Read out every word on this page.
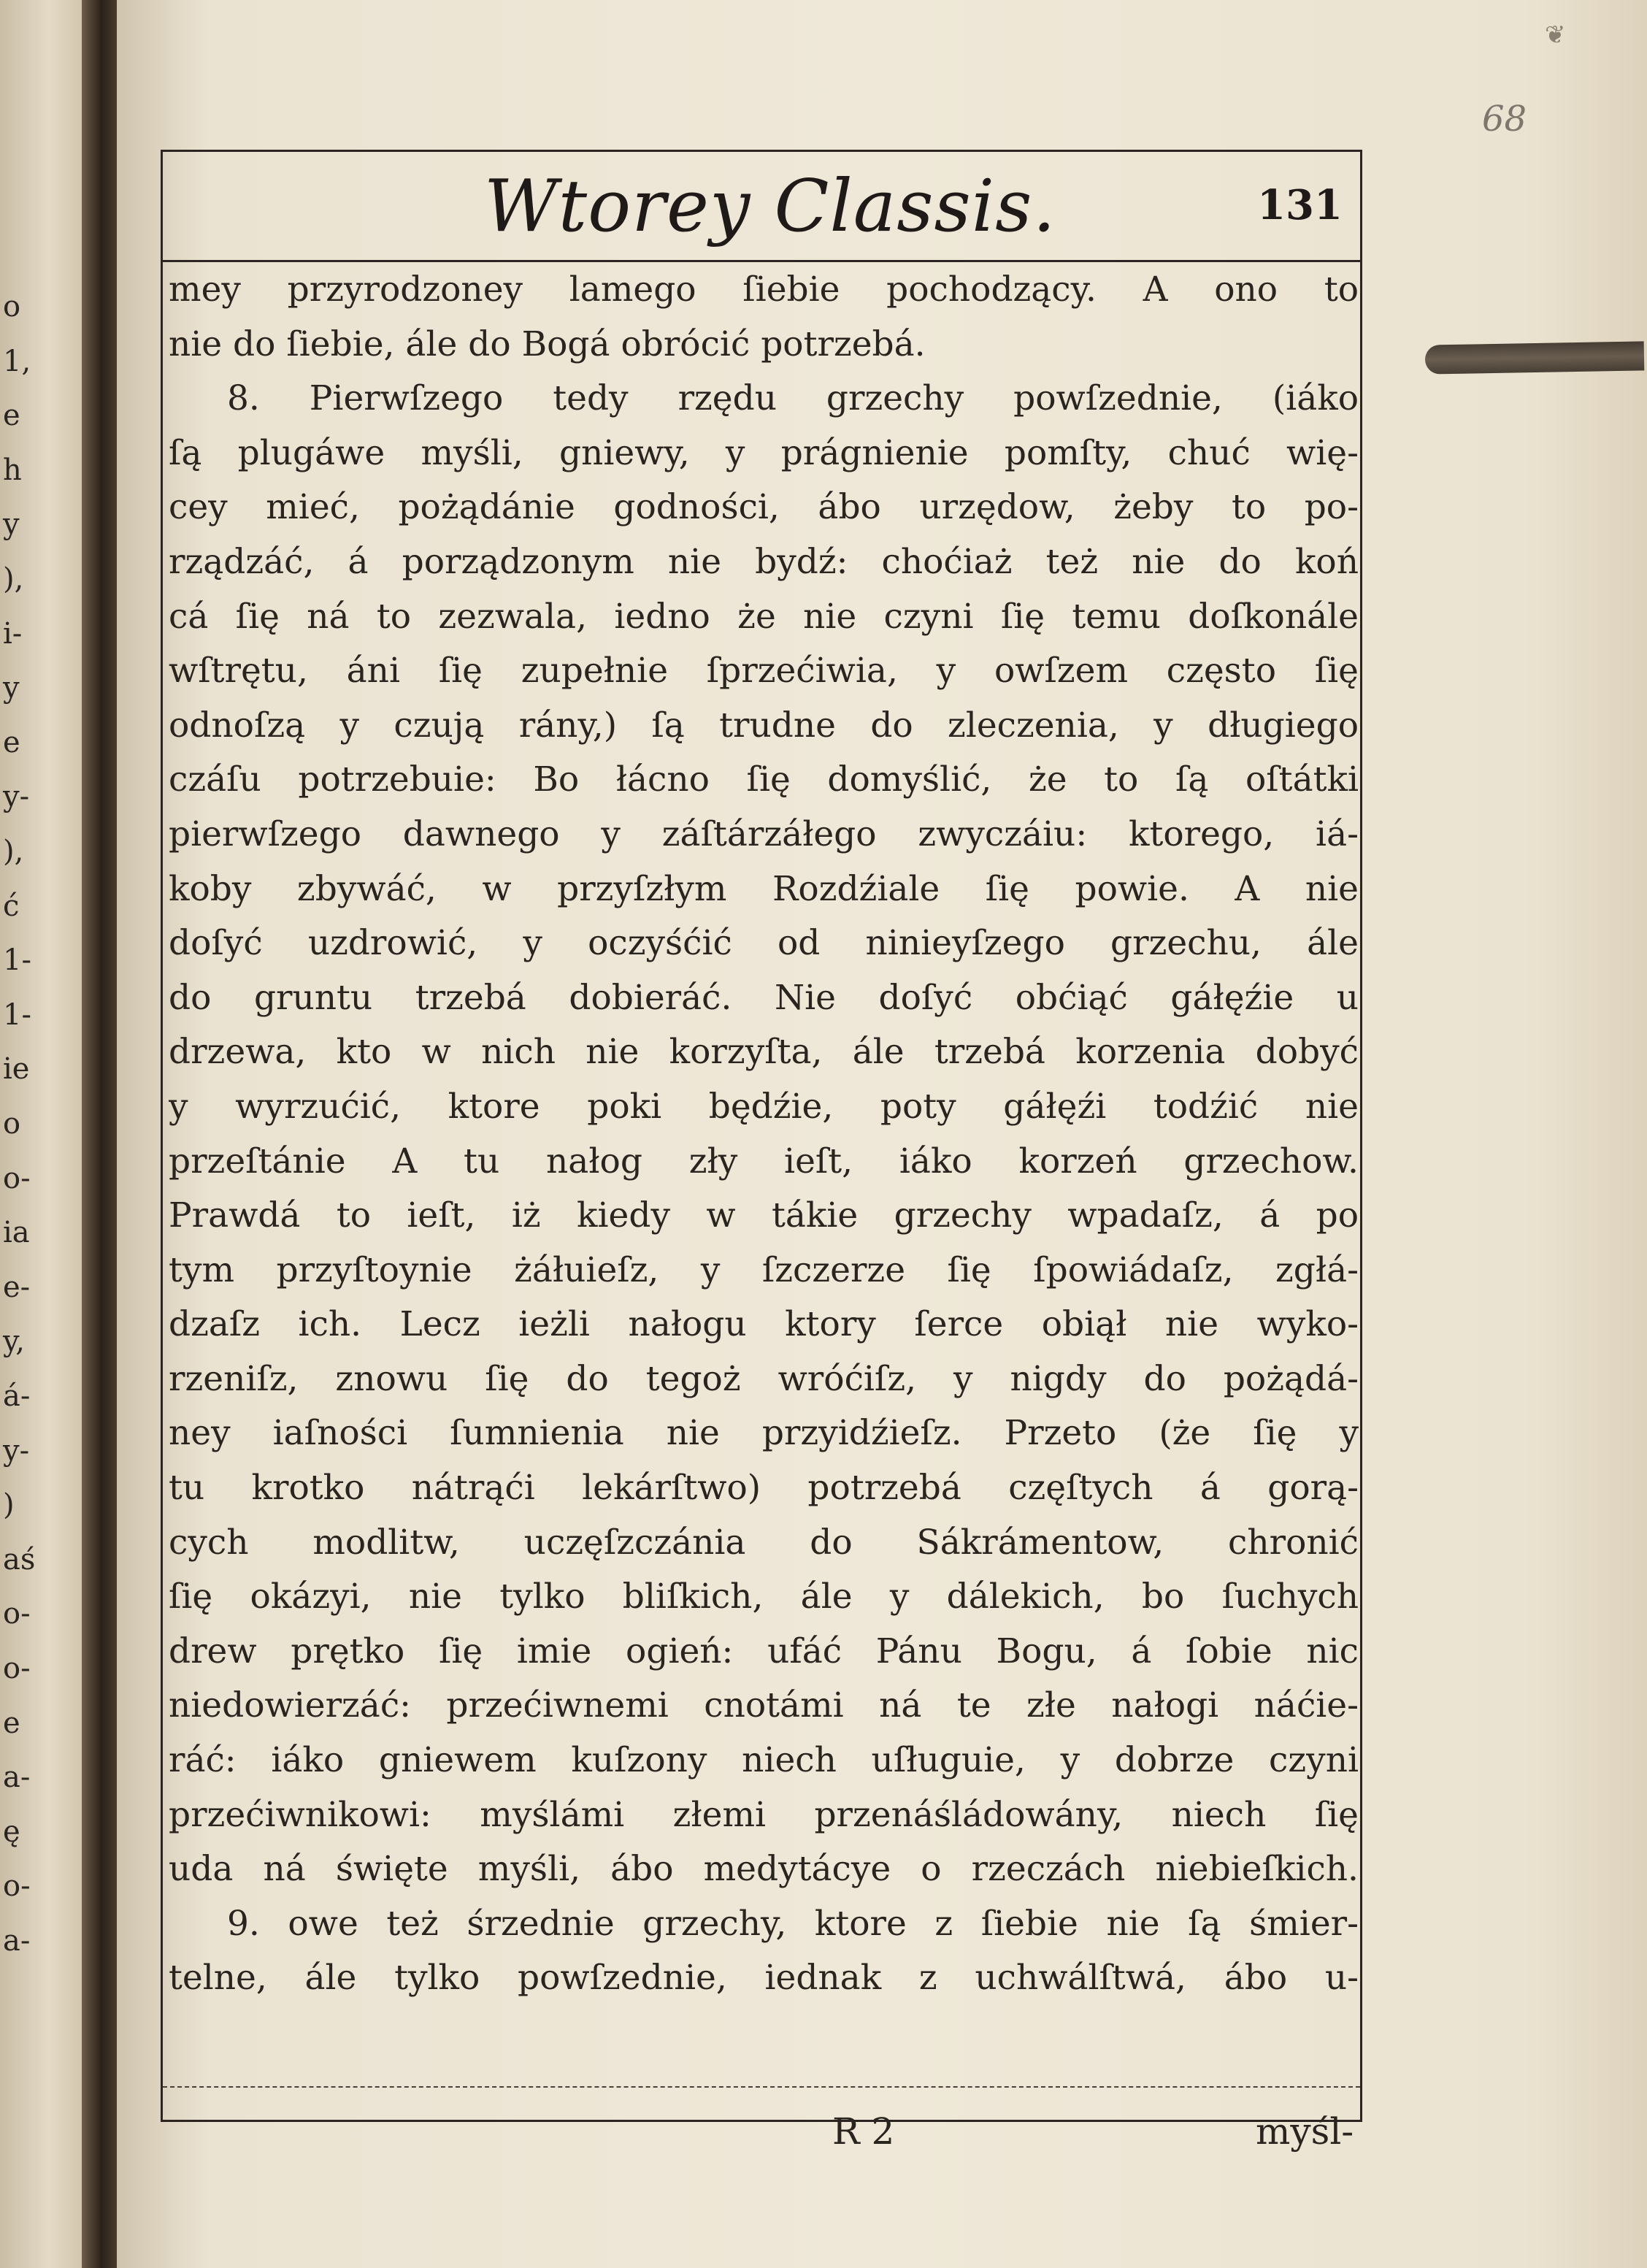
o
1,
e
h
y
),
i-
y
e
y-
),
ć
1-
1-
ie
o
o-
ia
e-
y,
á-
y-
)
aś
o-
o-
e
a-
ę
o-
a-
❦
68
Wtorey Classis.	131
mey przyrodzoney lamego ſiebie pochodzący. A ono to
nie do ſiebie, ále do Bogá obrócić potrzebá.
8. Pierwſzego tedy rzędu grzechy powſzednie, (iáko
ſą plugáwe myśli, gniewy, y prágnienie pomſty, chuć wię-
cey mieć, pożądánie godności, ábo urzędow, żeby to po-
rządzáć, á porządzonym nie bydź: choćiaż też nie do koń
cá ſię ná to zezwala, iedno że nie czyni ſię temu doſkonále
wſtrętu, áni ſię zupełnie ſprzećiwia, y owſzem często ſię
odnoſzą y czują rány,) ſą trudne do zleczenia, y długiego
czáſu potrzebuie: Bo łácno ſię domyślić, że to ſą oſtátki
pierwſzego dawnego y záſtárzáłego zwyczáiu: ktorego, iá-
koby zbywáć, w przyſzłym Rozdźiale ſię powie. A nie
doſyć uzdrowić, y oczyśćić od ninieyſzego grzechu, ále
do gruntu trzebá dobieráć. Nie doſyć obćiąć gáłęźie u
drzewa, kto w nich nie korzyſta, ále trzebá korzenia dobyć
y wyrzućić, ktore poki będźie, poty gáłęźi todźić nie
przeſtánie A tu nałog zły ieſt, iáko korzeń grzechow.
Prawdá to ieſt, iż kiedy w tákie grzechy wpadaſz, á po
tym przyſtoynie żáłuieſz, y ſzczerze ſię ſpowiádaſz, zgłá-
dzaſz ich. Lecz ieżli nałogu ktory ſerce obiął nie wyko-
rzeniſz, znowu ſię do tegoż wróćiſz, y nigdy do pożądá-
ney iaſności ſumnienia nie przyidźieſz. Przeto (że ſię y
tu krotko nátrąći lekárſtwo) potrzebá częſtych á gorą-
cych modlitw, uczęſzczánia do Sákrámentow, chronić
ſię okázyi, nie tylko bliſkich, ále y dálekich, bo ſuchych
drew prętko ſię imie ogień: ufáć Pánu Bogu, á ſobie nic
niedowierzáć: przećiwnemi cnotámi ná te złe nałogi náćie-
ráć: iáko gniewem kuſzony niech uſługuie, y dobrze czyni
przećiwnikowi: myślámi złemi przenáśládowány, niech ſię
uda ná święte myśli, ábo medytácye o rzeczách niebieſkich.
9. owe też śrzednie grzechy, ktore z ſiebie nie ſą śmier-
telne, ále tylko powſzednie, iednak z uchwálſtwá, ábo u-
R 2	myśl-
